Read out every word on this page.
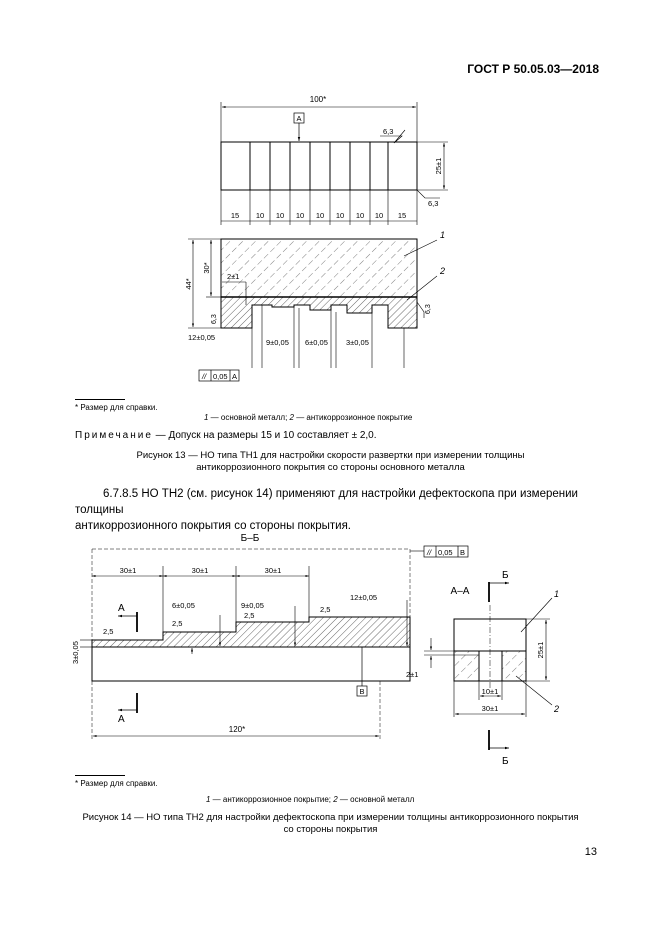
ГОСТ Р 50.05.03—2018
100*
А
6,3
25±1
6,3
15 10 10 10 10 10 10 10 15
1
2
44*
30*
2±1
6,3
6,3
12±0,05
9±0,05 6±0,05 3±0,05
// 0,05 А
* Размер для справки.
1 — основной металл; 2 — антикоррозионное покрытие
Примечание — Допуск на размеры 15 и 10 составляет ± 2,0.
Рисунок 13 — НО типа ТН1 для настройки скорости развертки при измерении толщины
антикоррозионного покрытия со стороны основного металла
6.7.8.5 НО ТН2 (см. рисунок 14) применяют для настройки дефектоскопа при измерении толщины
антикоррозионного покрытия со стороны покрытия.
Б–Б
// 0,05 В
30±1	30±1	30±1
12±0,05
9±0,05
6±0,05
2,5
2,5
2,5
2,5
3±0,05
А
А
В
120*
А–А
Б
Б
1
2
25±1
2±1
10±1
30±1
* Размер для справки.
1 — антикоррозионное покрытие; 2 — основной металл
Рисунок 14 — НО типа ТН2 для настройки дефектоскопа при измерении толщины антикоррозионного покрытия
со стороны покрытия
13
